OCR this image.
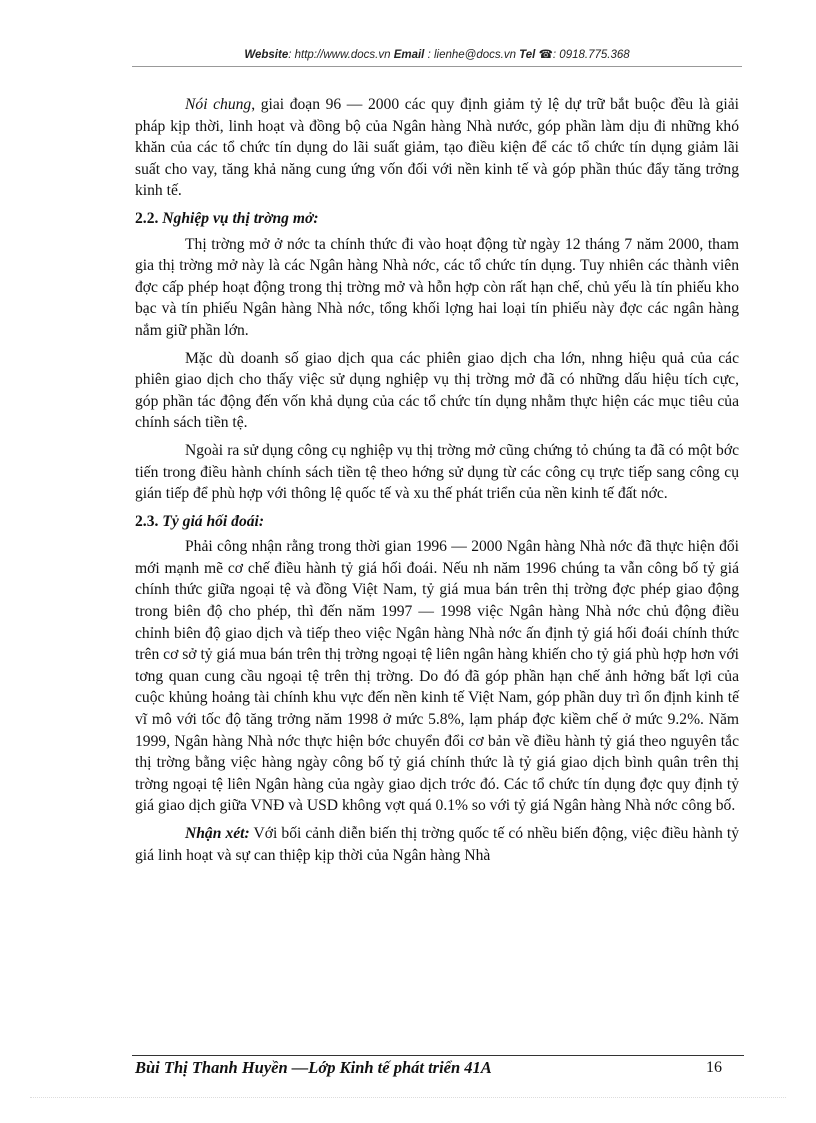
Website: http://www.docs.vn Email : lienhe@docs.vn Tel ☎: 0918.775.368

Nói chung, giai đoạn 96 — 2000 các quy định giảm tỷ lệ dự trữ bắt buộc đều là giải pháp kịp thời, linh hoạt và đồng bộ của Ngân hàng Nhà nước, góp phần làm dịu đi những khó khăn của các tổ chức tín dụng do lãi suất giảm, tạo điều kiện để các tổ chức tín dụng giảm lãi suất cho vay, tăng khả năng cung ứng vốn đối với nền kinh tế và góp phần thúc đẩy tăng trởng kinh tế.

2.2. Nghiệp vụ thị trờng mở:

Thị trờng mở ở nớc ta chính thức đi vào hoạt động từ ngày 12 tháng 7 năm 2000, tham gia thị trờng mở này là các Ngân hàng Nhà nớc, các tổ chức tín dụng. Tuy nhiên các thành viên đợc cấp phép hoạt động trong thị trờng mở và hỗn hợp còn rất hạn chế, chủ yếu là tín phiếu kho bạc và tín phiếu Ngân hàng Nhà nớc, tổng khối lợng hai loại tín phiếu này đợc các ngân hàng nắm giữ phần lớn.

Mặc dù doanh số giao dịch qua các phiên giao dịch cha lớn, nhng hiệu quả của các phiên giao dịch cho thấy việc sử dụng nghiệp vụ thị trờng mở đã có những dấu hiệu tích cực, góp phần tác động đến vốn khả dụng của các tổ chức tín dụng nhằm thực hiện các mục tiêu của chính sách tiền tệ.

Ngoài ra sử dụng công cụ nghiệp vụ thị trờng mở cũng chứng tỏ chúng ta đã có một bớc tiến trong điều hành chính sách tiền tệ theo hớng sử dụng từ các công cụ trực tiếp sang công cụ gián tiếp để phù hợp với thông lệ quốc tế và xu thế phát triển của nền kinh tế đất nớc.

2.3. Tỷ giá hối đoái:

Phải công nhận rằng trong thời gian 1996 — 2000 Ngân hàng Nhà nớc đã thực hiện đổi mới mạnh mẽ cơ chế điều hành tỷ giá hối đoái. Nếu nh năm 1996 chúng ta vẫn công bố tỷ giá chính thức giữa ngoại tệ và đồng Việt Nam, tỷ giá mua bán trên thị trờng đợc phép giao động trong biên độ cho phép, thì đến năm 1997 — 1998 việc Ngân hàng Nhà nớc chủ động điều chỉnh biên độ giao dịch và tiếp theo việc Ngân hàng Nhà nớc ấn định tỷ giá hối đoái chính thức trên cơ sở tỷ giá mua bán trên thị trờng ngoại tệ liên ngân hàng khiến cho tỷ giá phù hợp hơn với tơng quan cung cầu ngoại tệ trên thị trờng. Do đó đã góp phần hạn chế ảnh hởng bất lợi của cuộc khủng hoảng tài chính khu vực đến nền kinh tế Việt Nam, góp phần duy trì ổn định kinh tế vĩ mô với tốc độ tăng trởng năm 1998 ở mức 5.8%, lạm pháp đợc kiềm chế ở mức 9.2%. Năm 1999, Ngân hàng Nhà nớc thực hiện bớc chuyển đổi cơ bản về điều hành tỷ giá theo nguyên tắc thị trờng bằng việc hàng ngày công bố tỷ giá chính thức là tỷ giá giao dịch bình quân trên thị trờng ngoại tệ liên Ngân hàng của ngày giao dịch trớc đó. Các tổ chức tín dụng đợc quy định tỷ giá giao dịch giữa VNĐ và USD không vợt quá 0.1% so với tỷ giá Ngân hàng Nhà nớc công bố.

Nhận xét: Với bối cảnh diễn biến thị trờng quốc tế có nhều biến động, việc điều hành tỷ giá linh hoạt và sự can thiệp kịp thời của Ngân hàng Nhà

Bùi Thị Thanh Huyền —Lớp Kinh tế phát triển 41A	16
